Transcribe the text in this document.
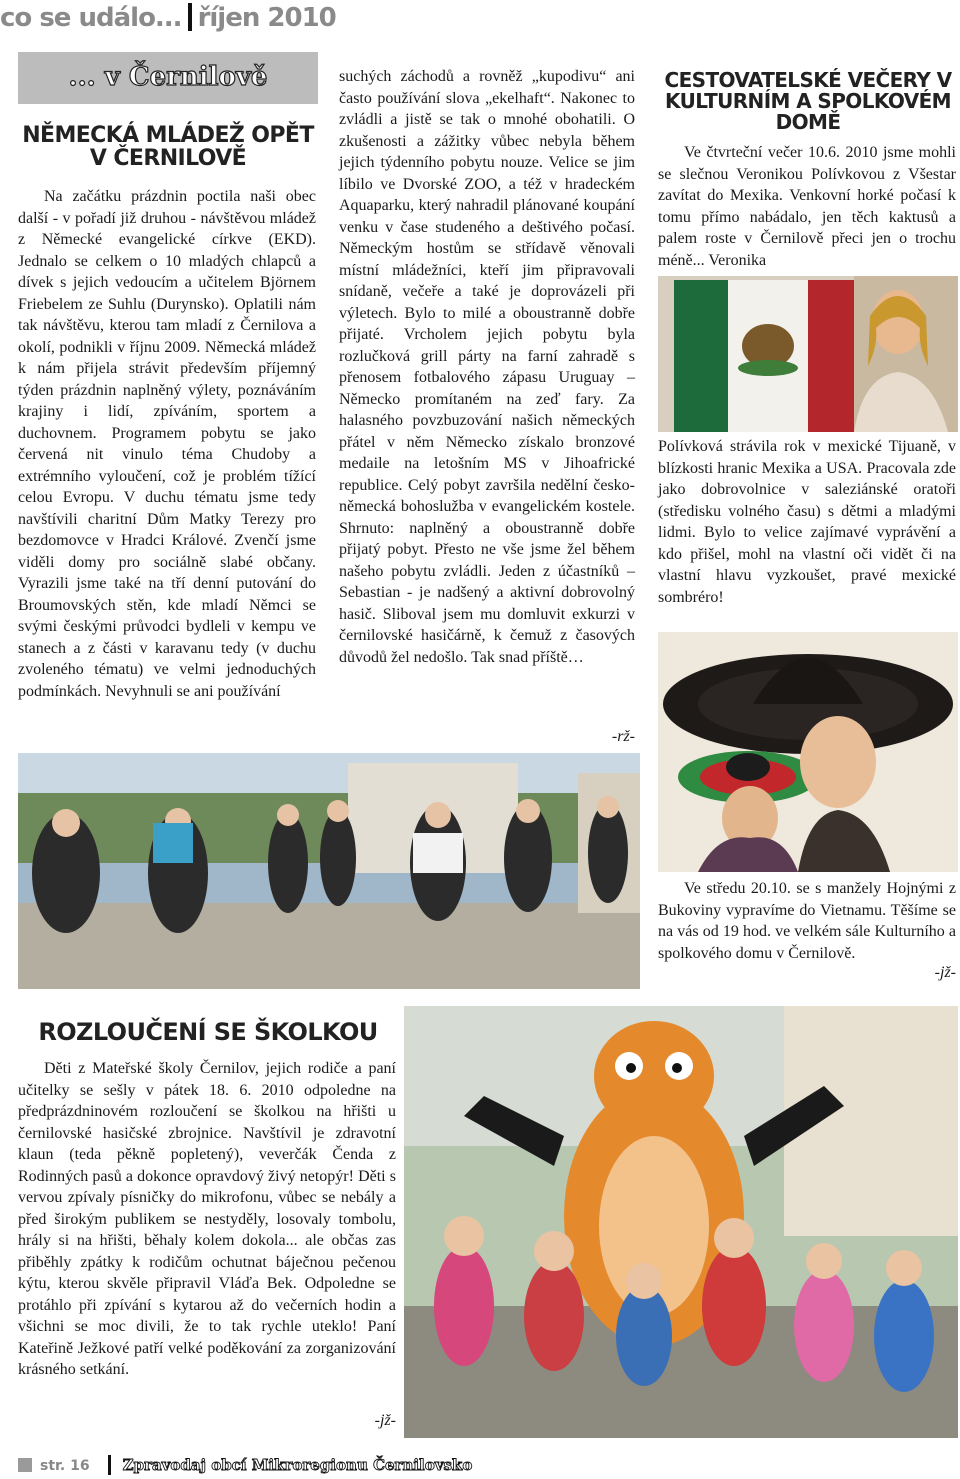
co se událo... říjen 2010
... v Černilově
NĚMECKÁ MLÁDEŽ OPĚT
V ČERNILOVĚ

Na začátku prázdnin poctila naši obec další - v pořadí již druhou - návštěvou mládež z Německé evangelické církve (EKD). Jednalo se celkem o 10 mladých chlapců a dívek s jejich vedoucím a učitelem Björnem Friebelem ze Suhlu (Durynsko). Oplatili nám tak návštěvu, kterou tam mladí z Černilova a okolí, podnikli v říjnu 2009. Německá mládež k nám přijela strávit především příjemný týden prázdnin naplněný výlety, poznáváním krajiny i lidí, zpíváním, sportem a duchovnem. Programem pobytu se jako červená nit vinulo téma Chudoby a extrémního vyloučení, což je problém tížící celou Evropu. V duchu tématu jsme tedy navštívili charitní Dům Matky Terezy pro bezdomovce v Hradci Králové. Zvenčí jsme viděli domy pro sociálně slabé občany. Vyrazili jsme také na tří denní putování do Broumovských stěn, kde mladí Němci se svými českými průvodci bydleli v kempu ve stanech a z části v karavanu tedy (v duchu zvoleného tématu) ve velmi jednoduchých podmínkách. Nevyhnuli se ani používání

suchých záchodů a rovněž „kupodivu“ ani často používání slova „ekelhaft“. Nakonec to zvládli a jistě se tak o mnohé obohatili. O zkušenosti a zážitky vůbec nebyla během jejich týdenního pobytu nouze. Velice se jim líbilo ve Dvorské ZOO, a též v hradeckém Aquaparku, který nahradil plánované koupání venku v čase studeného a deštivého počasí. Německým hostům se střídavě věnovali místní mládežníci, kteří jim připravovali snídaně, večeře a také je doprovázeli při výletech. Bylo to milé a oboustranně dobře přijaté. Vrcholem jejich pobytu byla rozlučková grill párty na farní zahradě s přenosem fotbalového zápasu Uruguay – Německo promítaném na zeď fary. Za halasného povzbuzování našich německých přátel v něm Německo získalo bronzové medaile na letošním MS v Jihoafrické republice. Celý pobyt završila nedělní česko-německá bohoslužba v evangelickém kostele. Shrnuto: naplněný a oboustranně dobře přijatý pobyt. Přesto ne vše jsme žel během našeho pobytu zvládli. Jeden z účastníků – Sebastian - je nadšený a aktivní dobrovolný hasič. Sliboval jsem mu domluvit exkurzi v černilovské hasičárně, k čemuž z časových důvodů žel nedošlo. Tak snad příště…

-rž-
CESTOVATELSKÉ VEČERY V
KULTURNÍM A SPOLKOVÉM DOMĚ

Ve čtvrteční večer 10.6. 2010 jsme mohli se slečnou Veronikou Polívkovou z Všestar zavítat do Mexika. Venkovní horké počasí k tomu přímo nabádalo, jen těch kaktusů a palem roste v Černilově přeci jen o trochu méně... Veronika

Polívková strávila rok v mexické Tijuaně, v blízkosti hranic Mexika a USA. Pracovala zde jako dobrovolnice v saleziánské oratoři (středisku volného času) s dětmi a mladými lidmi. Bylo to velice zajímavé vyprávění a kdo přišel, mohl na vlastní oči vidět či na vlastní hlavu vyzkoušet, pravé mexické sombréro!

Ve středu 20.10. se s manžely Hojnými z Bukoviny vypravíme do Vietnamu. Těšíme se na vás od 19 hod. ve velkém sále Kulturního a spolkového domu v Černilově.

-jž-
ROZLOUČENÍ SE ŠKOLKOU

Děti z Mateřské školy Černilov, jejich rodiče a paní učitelky se sešly v pátek 18. 6. 2010 odpoledne na předprázdninovém rozloučení se školkou na hřišti u černilovské hasičské zbrojnice. Navštívil je zdravotní klaun (teda pěkně popletený), veverčák Čenda z Rodinných pasů a dokonce opravdový živý netopýr! Děti s vervou zpívaly písničky do mikrofonu, vůbec se nebály a před širokým publikem se nestyděly, losovaly tombolu, hrály si na hřišti, běhaly kolem dokola... ale občas zas přiběhly zpátky k rodičům ochutnat báječnou pečenou kýtu, kterou skvěle připravil Vláďa Bek. Odpoledne se protáhlo při zpívání s kytarou až do večerních hodin a všichni se moc divili, že to tak rychle uteklo! Paní Kateřině Ježkové patří velké poděkování za zorganizování krásného setkání.

-jž-
str. 16 Zpravodaj obcí Mikroregionu Černilovsko
